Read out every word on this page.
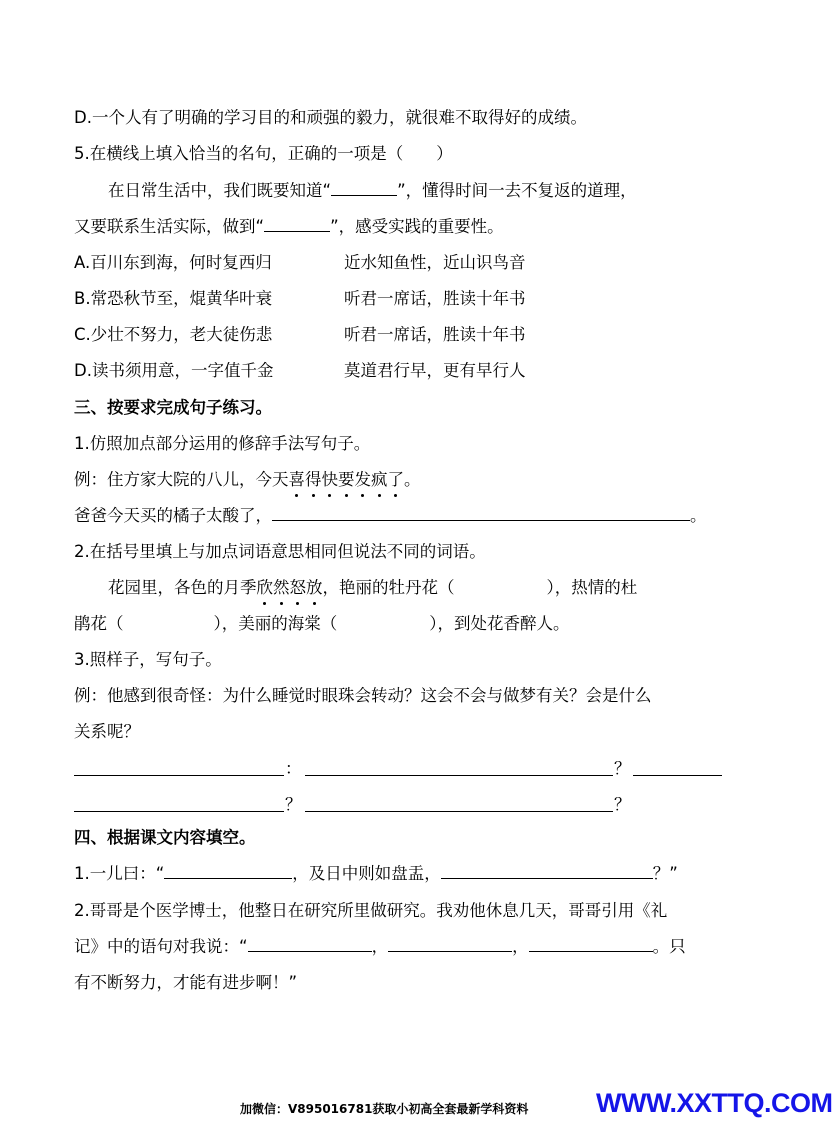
D.一个人有了明确的学习目的和顽强的毅力，就很难不取得好的成绩。
5.在横线上填入恰当的名句，正确的一项是（　　）
在日常生活中，我们既要知道“	”，懂得时间一去不复返的道理，
又要联系生活实际，做到“	”，感受实践的重要性。
A.百川东到海，何时复西归	近水知鱼性，近山识鸟音
B.常恐秋节至，焜黄华叶衰	听君一席话，胜读十年书
C.少壮不努力，老大徒伤悲	听君一席话，胜读十年书
D.读书须用意，一字值千金	莫道君行早，更有早行人
三、按要求完成句子练习。
1.仿照加点部分运用的修辞手法写句子。
例：住方家大院的八儿，今天喜得快要发疯了。
爸爸今天买的橘子太酸了，	。
2.在括号里填上与加点词语意思相同但说法不同的词语。
花园里，各色的月季欣然怒放，艳丽的牡丹花（	），热情的杜
鹃花（	），美丽的海棠（	），到处花香醉人。
3.照样子，写句子。
例：他感到很奇怪：为什么睡觉时眼珠会转动？这会不会与做梦有关？会是什么
关系呢？
：	？
？	？
四、根据课文内容填空。
1.一儿曰：“	，及日中则如盘盂，	？”
2.哥哥是个医学博士，他整日在研究所里做研究。我劝他休息几天，哥哥引用《礼
记》中的语句对我说：“	，	，	。只
有不断努力，才能有进步啊！”
加微信：V895016781获取小初高全套最新学科资料	WWW.XXTTQ.COM
